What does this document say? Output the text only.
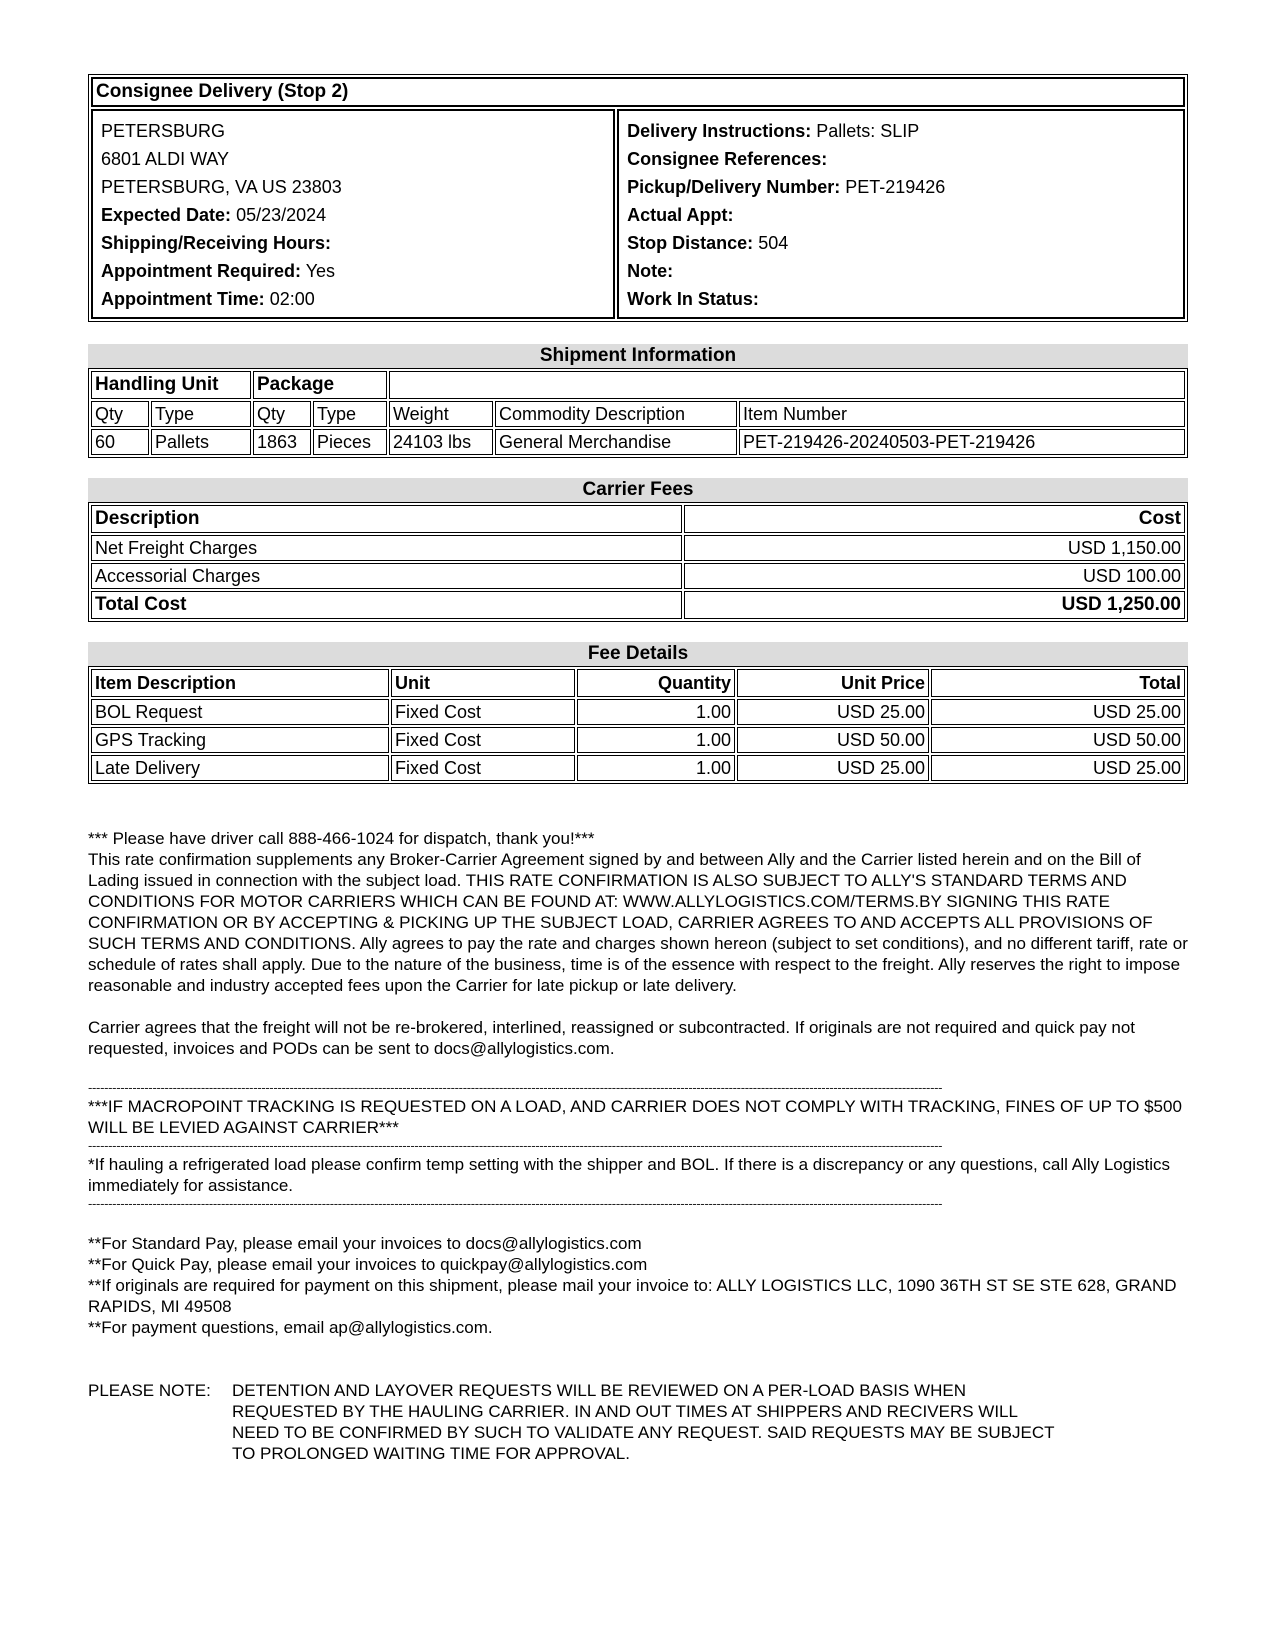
Consignee Delivery (Stop 2)

PETERSBURG
6801 ALDI WAY
PETERSBURG, VA US 23803
Expected Date: 05/23/2024
Shipping/Receiving Hours:
Appointment Required: Yes
Appointment Time: 02:00

Delivery Instructions: Pallets: SLIP
Consignee References:
Pickup/Delivery Number: PET-219426
Actual Appt:
Stop Distance: 504
Note:
Work In Status:
Shipment Information
Handling Unit		Package				
Qty	Type	Qty	Type	Weight	Commodity Description	Item Number
60	Pallets	1863	Pieces	24103 lbs	General Merchandise	PET-219426-20240503-PET-219426
Carrier Fees
Description	Cost
Net Freight Charges	USD 1,150.00
Accessorial Charges	USD 100.00
Total Cost	USD 1,250.00
Fee Details
Item Description	Unit	Quantity	Unit Price	Total
BOL Request	Fixed Cost	1.00	USD 25.00	USD 25.00
GPS Tracking	Fixed Cost	1.00	USD 50.00	USD 50.00
Late Delivery	Fixed Cost	1.00	USD 25.00	USD 25.00

*** Please have driver call 888-466-1024 for dispatch, thank you!***

This rate confirmation supplements any Broker-Carrier Agreement signed by and between Ally and the Carrier listed herein and on the Bill of Lading issued in connection with the subject load. THIS RATE CONFIRMATION IS ALSO SUBJECT TO ALLY'S STANDARD TERMS AND CONDITIONS FOR MOTOR CARRIERS WHICH CAN BE FOUND AT: WWW.ALLYLOGISTICS.COM/TERMS.BY SIGNING THIS RATE CONFIRMATION OR BY ACCEPTING & PICKING UP THE SUBJECT LOAD, CARRIER AGREES TO AND ACCEPTS ALL PROVISIONS OF SUCH TERMS AND CONDITIONS. Ally agrees to pay the rate and charges shown hereon (subject to set conditions), and no different tariff, rate or schedule of rates shall apply. Due to the nature of the business, time is of the essence with respect to the freight. Ally reserves the right to impose reasonable and industry accepted fees upon the Carrier for late pickup or late delivery.

Carrier agrees that the freight will not be re-brokered, interlined, reassigned or subcontracted. If originals are not required and quick pay not requested, invoices and PODs can be sent to docs@allylogistics.com.

--------------------------------------------------------------------------------------------------------------------------------------------------------------------------------------------------------------------

***IF MACROPOINT TRACKING IS REQUESTED ON A LOAD, AND CARRIER DOES NOT COMPLY WITH TRACKING, FINES OF UP TO $500 WILL BE LEVIED AGAINST CARRIER***

--------------------------------------------------------------------------------------------------------------------------------------------------------------------------------------------------------------------

*If hauling a refrigerated load please confirm temp setting with the shipper and BOL. If there is a discrepancy or any questions, call Ally Logistics immediately for assistance.

--------------------------------------------------------------------------------------------------------------------------------------------------------------------------------------------------------------------

**For Standard Pay, please email your invoices to docs@allylogistics.com

**For Quick Pay, please email your invoices to quickpay@allylogistics.com

**If originals are required for payment on this shipment, please mail your invoice to: ALLY LOGISTICS LLC, 1090 36TH ST SE STE 628, GRAND RAPIDS, MI 49508

**For payment questions, email ap@allylogistics.com.

PLEASE NOTE:	DETENTION AND LAYOVER REQUESTS WILL BE REVIEWED ON A PER-LOAD BASIS WHEN REQUESTED BY THE HAULING CARRIER. IN AND OUT TIMES AT SHIPPERS AND RECIVERS WILL NEED TO BE CONFIRMED BY SUCH TO VALIDATE ANY REQUEST. SAID REQUESTS MAY BE SUBJECT TO PROLONGED WAITING TIME FOR APPROVAL.
